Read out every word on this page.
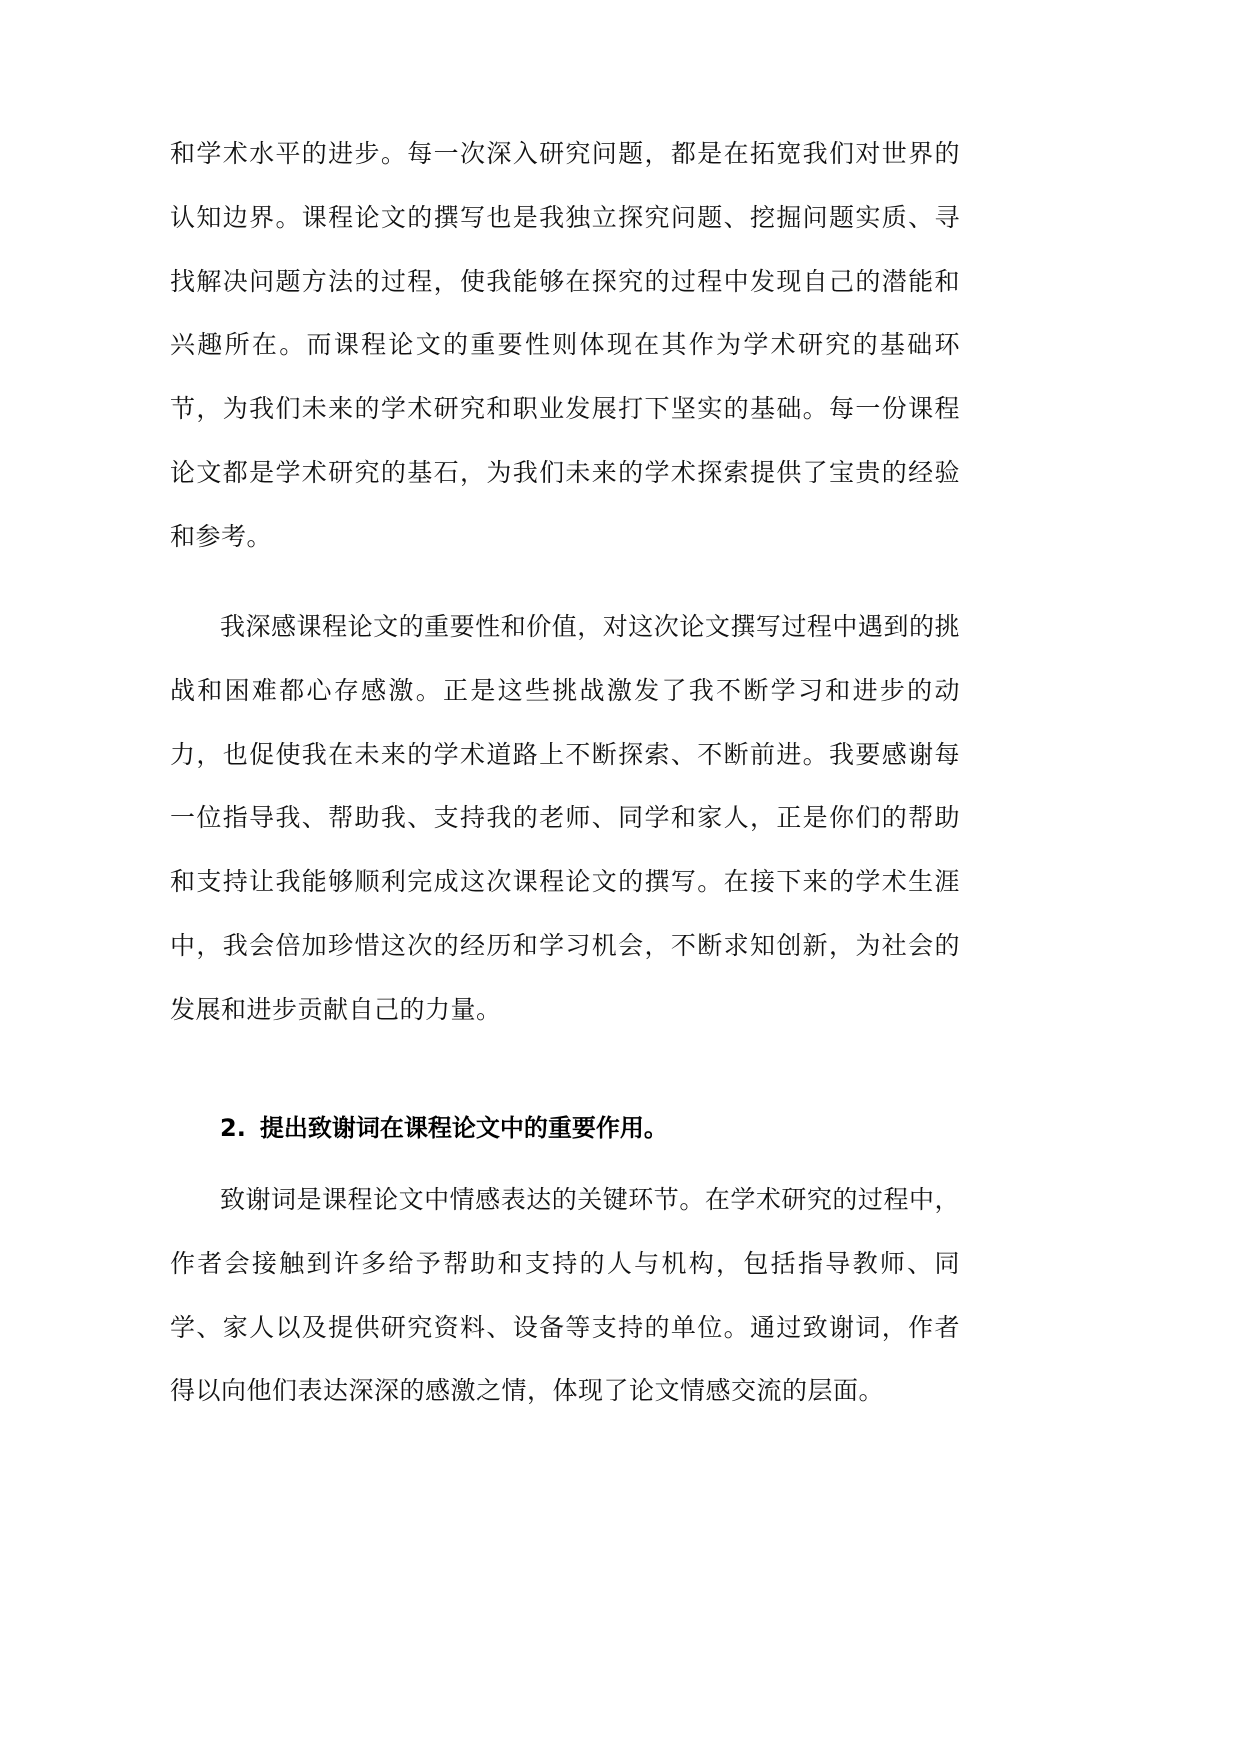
和学术水平的进步。每一次深入研究问题，都是在拓宽我们对世界的认知边界。课程论文的撰写也是我独立探究问题、挖掘问题实质、寻找解决问题方法的过程，使我能够在探究的过程中发现自己的潜能和兴趣所在。而课程论文的重要性则体现在其作为学术研究的基础环节，为我们未来的学术研究和职业发展打下坚实的基础。每一份课程论文都是学术研究的基石，为我们未来的学术探索提供了宝贵的经验和参考。

我深感课程论文的重要性和价值，对这次论文撰写过程中遇到的挑战和困难都心存感激。正是这些挑战激发了我不断学习和进步的动力，也促使我在未来的学术道路上不断探索、不断前进。我要感谢每一位指导我、帮助我、支持我的老师、同学和家人，正是你们的帮助和支持让我能够顺利完成这次课程论文的撰写。在接下来的学术生涯中，我会倍加珍惜这次的经历和学习机会，不断求知创新，为社会的发展和进步贡献自己的力量。

2. 提出致谢词在课程论文中的重要作用。

致谢词是课程论文中情感表达的关键环节。在学术研究的过程中，作者会接触到许多给予帮助和支持的人与机构，包括指导教师、同学、家人以及提供研究资料、设备等支持的单位。通过致谢词，作者得以向他们表达深深的感激之情，体现了论文情感交流的层面。
